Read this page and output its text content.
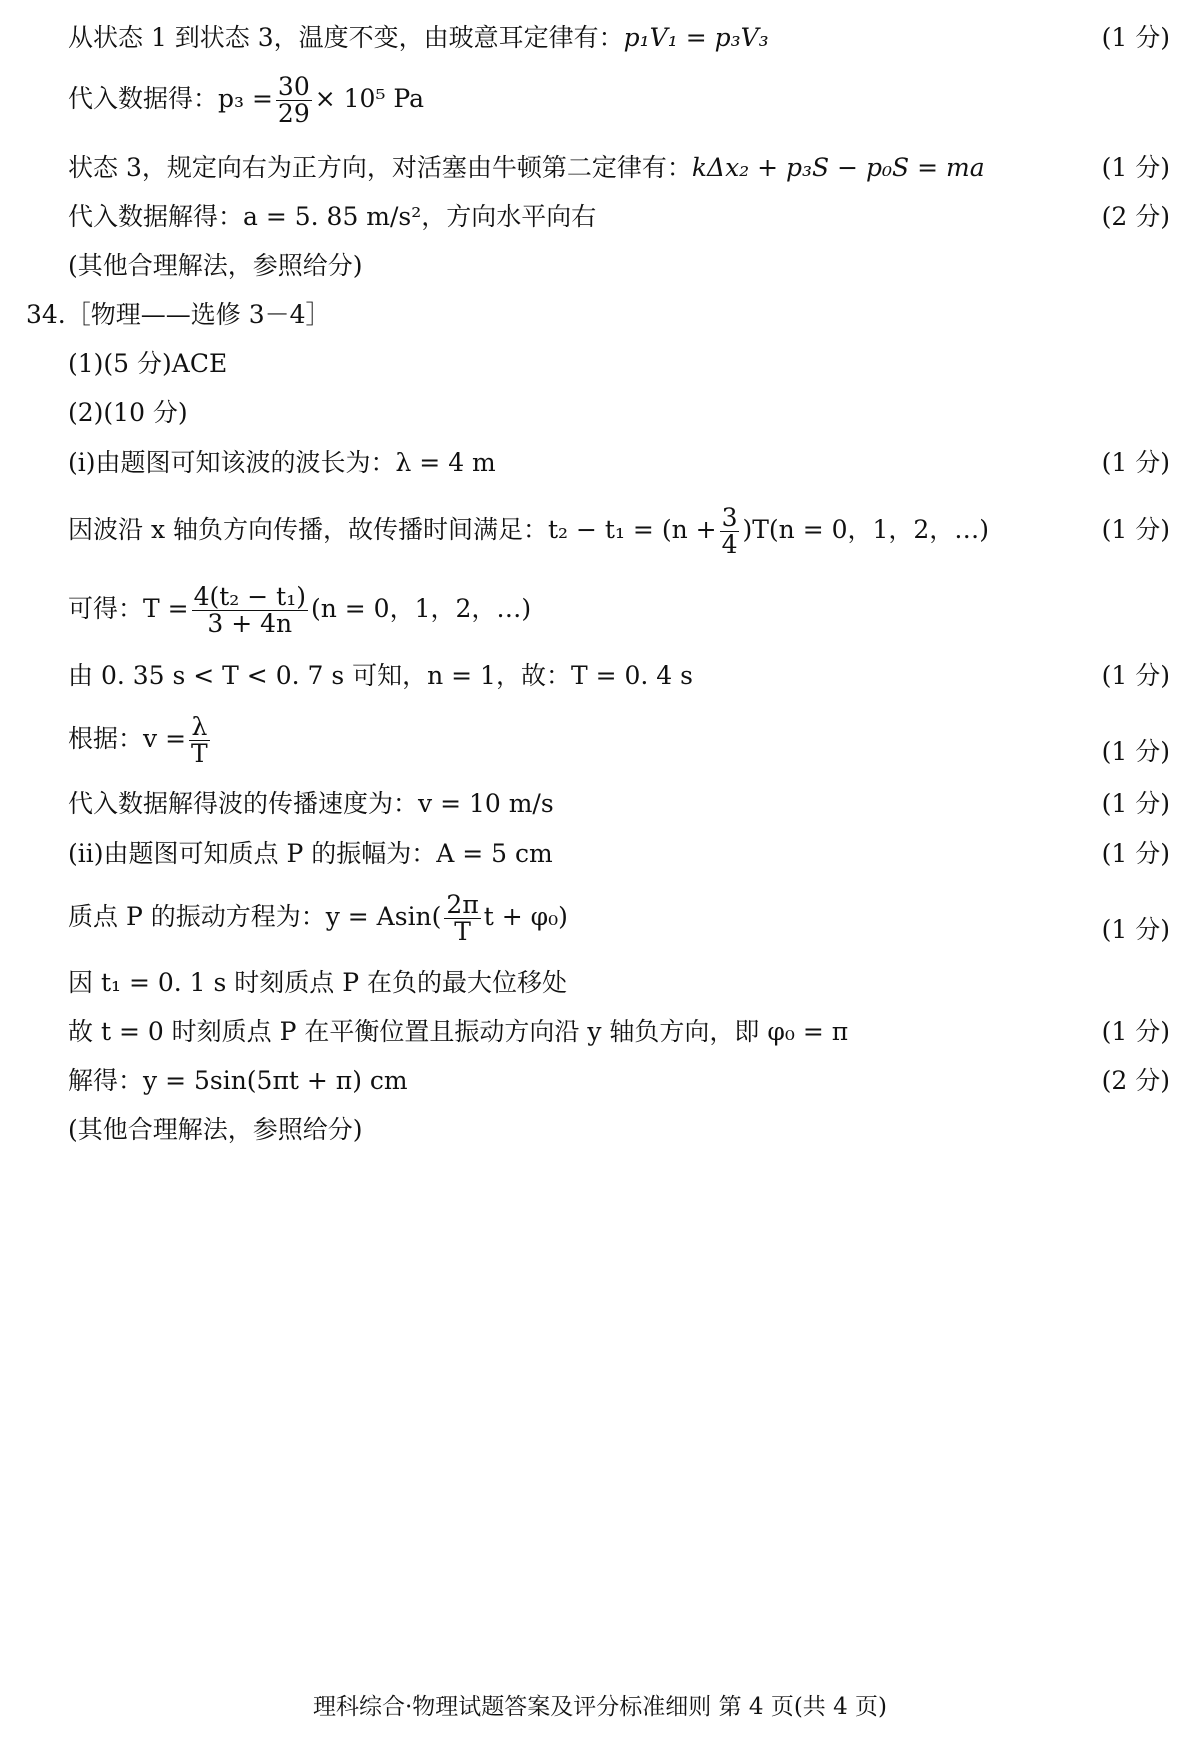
从状态 1 到状态 3，温度不变，由玻意耳定律有：p₁V₁ = p₃V₃	(1 分)
代入数据得：$p_3 = \frac{30}{29} \times 10^5$ Pa
状态 3，规定向右为正方向，对活塞由牛顿第二定律有：kΔx₂ + p₃S − p₀S = ma	(1 分)
代入数据解得：a = 5. 85 m/s²，方向水平向右	(2 分)
(其他合理解法，参照给分)
34.［物理——选修 3－4］
(1)(5 分)ACE
(2)(10 分)
(ⅰ)由题图可知该波的波长为：λ = 4 m	(1 分)
因波沿 x 轴负方向传播，故传播时间满足：$t_2 - t_1 = (n + \frac{3}{4} )T(n = 0$，1，2，…)	(1 分)
可得：$T = \frac{\text{4(t₂ − t₁)}}{3 + 4n} (n = 0$，1，2，…)
由 0. 35 s < T < 0. 7 s 可知，n = 1，故：T = 0. 4 s	(1 分)
根据：$v = \frac{\lambda}{T}$	(1 分)
代入数据解得波的传播速度为：v = 10 m/s	(1 分)
(ⅱ)由题图可知质点 P 的振幅为：A = 5 cm	(1 分)
质点 P 的振动方程为：$y = Asin( \frac{2\pi}{T}$ t + φ₀)	(1 分)
因 t₁ = 0. 1 s 时刻质点 P 在负的最大位移处
故 t = 0 时刻质点 P 在平衡位置且振动方向沿 y 轴负方向，即 φ₀ = π	(1 分)
解得：y = 5sin(5πt + π) cm	(2 分)
(其他合理解法，参照给分)
理科综合·物理试题答案及评分标准细则 第 4 页(共 4 页)
